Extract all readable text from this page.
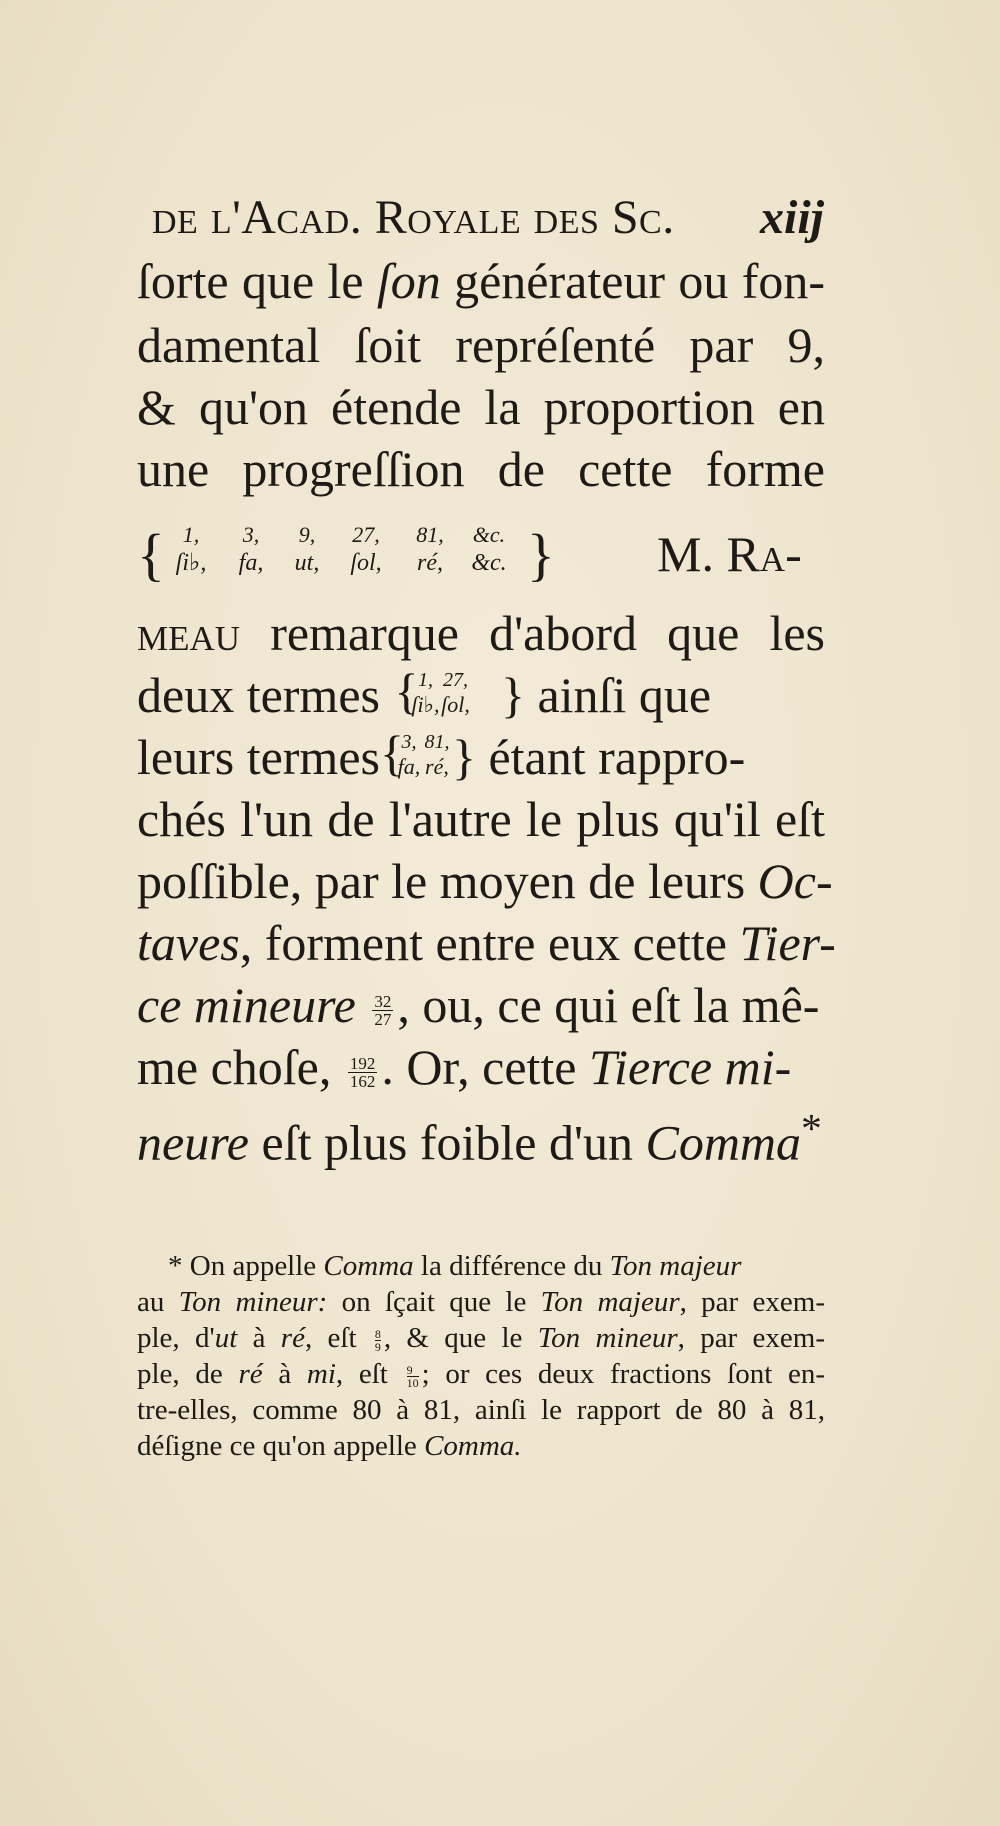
de l'Acad. Royale des Sc. xiij
ſorte que le ſon générateur ou fon-
damental ſoit repréſenté par 9,
& qu'on étende la proportion en
une progreſſion de cette forme
{ 1,
ſi♭,
3,
fa,
9,
ut,
27,
ſol,
81,
ré,
&c.
&c. } M. Ra-
meau remarque d'abord que les
deux termes { 1,
ſi♭,
27,
ſol, } ainſi que
leurs termes {
3,
fa,
81,
ré, } étant rappro-
chés l'un de l'autre le plus qu'il eſt
poſſible, par le moyen de leurs Oc-
taves, forment entre eux cette Tier-
ce mineure $\frac{32}{27}$ , ou, ce qui eſt la mê-
me choſe, $\frac{192}{162}$ . Or, cette Tierce mi-
neure eſt plus foible d'un Comma*
* On appelle Comma la différence du Ton majeur
au Ton mineur: on ſçait que le Ton majeur, par exem-
ple, d'ut à ré, eſt $\frac{8}{9}$ , & que le Ton mineur, par exem-
ple, de ré à mi, eſt $\frac{9}{10}$ ; or ces deux fractions ſont en-
tre-elles, comme 80 à 81, ainſi le rapport de 80 à 81,
déſigne ce qu'on appelle Comma.
